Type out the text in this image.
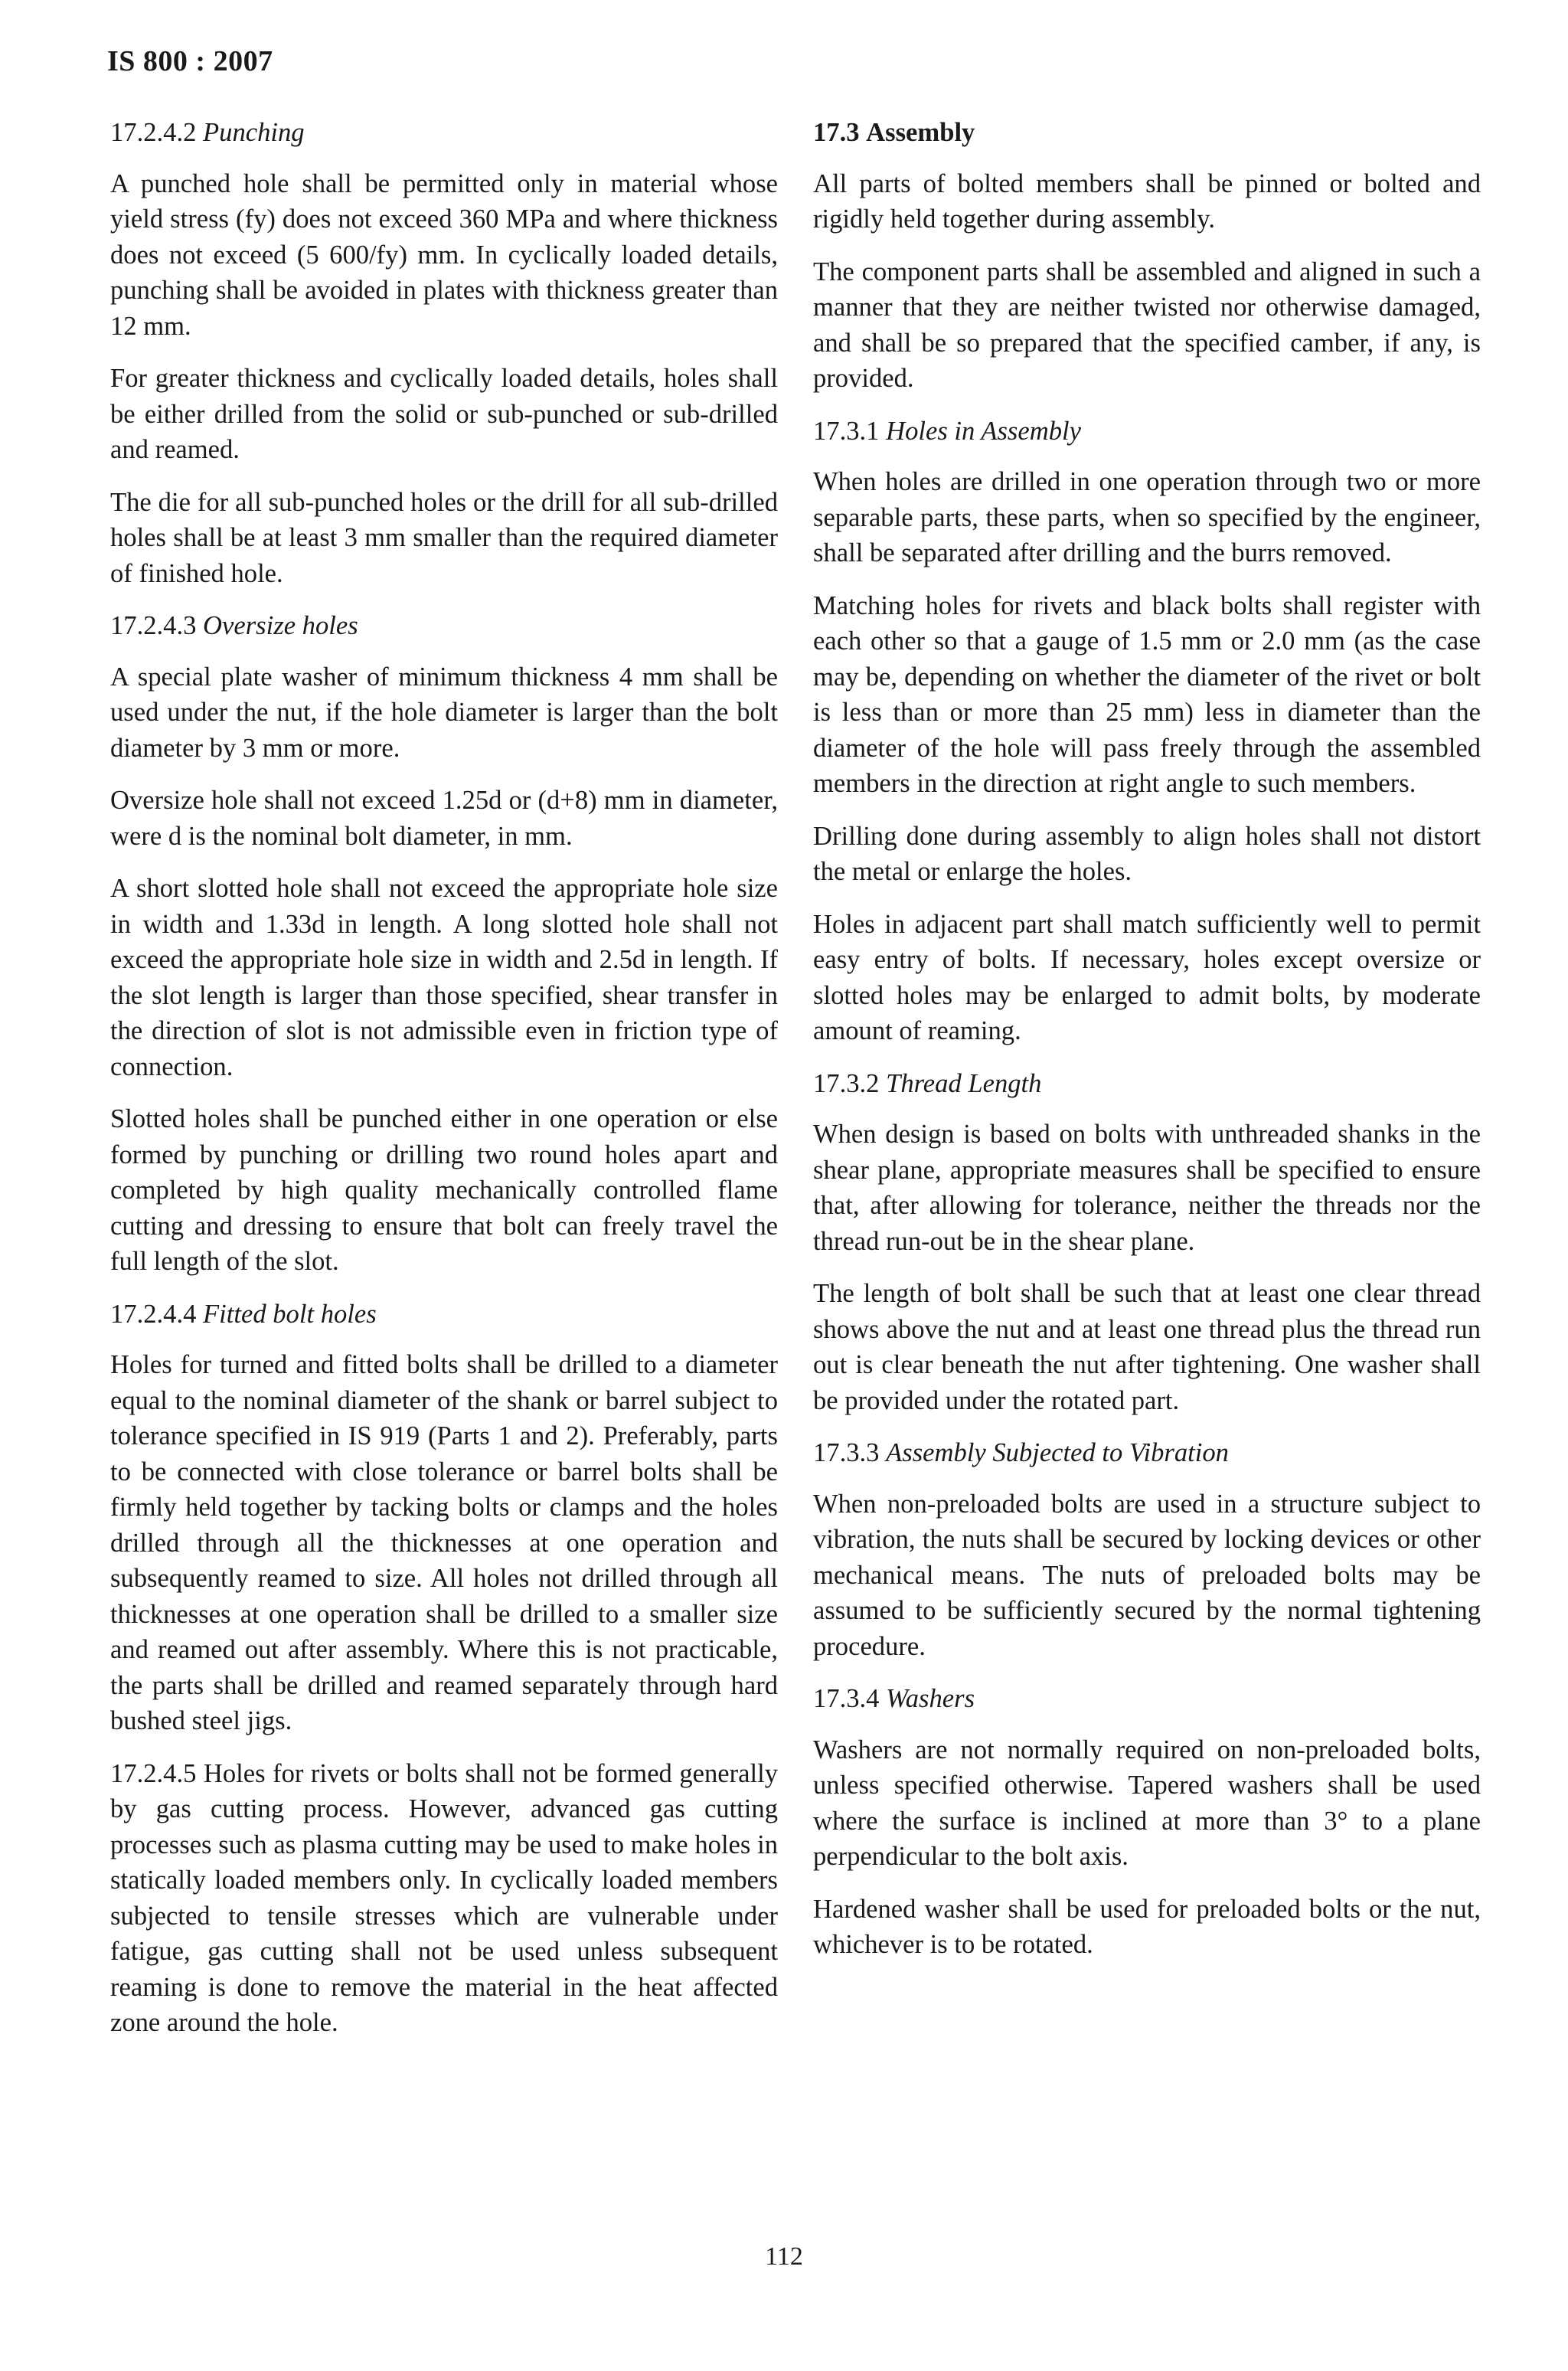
IS 800 : 2007
17.2.4.2 Punching

A punched hole shall be permitted only in material whose yield stress (fy) does not exceed 360 MPa and where thickness does not exceed (5 600/fy) mm. In cyclically loaded details, punching shall be avoided in plates with thickness greater than 12 mm.

For greater thickness and cyclically loaded details, holes shall be either drilled from the solid or sub-punched or sub-drilled and reamed.

The die for all sub-punched holes or the drill for all sub-drilled holes shall be at least 3 mm smaller than the required diameter of finished hole.

17.2.4.3 Oversize holes

A special plate washer of minimum thickness 4 mm shall be used under the nut, if the hole diameter is larger than the bolt diameter by 3 mm or more.

Oversize hole shall not exceed 1.25d or (d+8) mm in diameter, were d is the nominal bolt diameter, in mm.

A short slotted hole shall not exceed the appropriate hole size in width and 1.33d in length. A long slotted hole shall not exceed the appropriate hole size in width and 2.5d in length. If the slot length is larger than those specified, shear transfer in the direction of slot is not admissible even in friction type of connection.

Slotted holes shall be punched either in one operation or else formed by punching or drilling two round holes apart and completed by high quality mechanically controlled flame cutting and dressing to ensure that bolt can freely travel the full length of the slot.

17.2.4.4 Fitted bolt holes

Holes for turned and fitted bolts shall be drilled to a diameter equal to the nominal diameter of the shank or barrel subject to tolerance specified in IS 919 (Parts 1 and 2). Preferably, parts to be connected with close tolerance or barrel bolts shall be firmly held together by tacking bolts or clamps and the holes drilled through all the thicknesses at one operation and subsequently reamed to size. All holes not drilled through all thicknesses at one operation shall be drilled to a smaller size and reamed out after assembly. Where this is not practicable, the parts shall be drilled and reamed separately through hard bushed steel jigs.

17.2.4.5 Holes for rivets or bolts shall not be formed generally by gas cutting process. However, advanced gas cutting processes such as plasma cutting may be used to make holes in statically loaded members only. In cyclically loaded members subjected to tensile stresses which are vulnerable under fatigue, gas cutting shall not be used unless subsequent reaming is done to remove the material in the heat affected zone around the hole.

17.3 Assembly

All parts of bolted members shall be pinned or bolted and rigidly held together during assembly.

The component parts shall be assembled and aligned in such a manner that they are neither twisted nor otherwise damaged, and shall be so prepared that the specified camber, if any, is provided.

17.3.1 Holes in Assembly

When holes are drilled in one operation through two or more separable parts, these parts, when so specified by the engineer, shall be separated after drilling and the burrs removed.

Matching holes for rivets and black bolts shall register with each other so that a gauge of 1.5 mm or 2.0 mm (as the case may be, depending on whether the diameter of the rivet or bolt is less than or more than 25 mm) less in diameter than the diameter of the hole will pass freely through the assembled members in the direction at right angle to such members.

Drilling done during assembly to align holes shall not distort the metal or enlarge the holes.

Holes in adjacent part shall match sufficiently well to permit easy entry of bolts. If necessary, holes except oversize or slotted holes may be enlarged to admit bolts, by moderate amount of reaming.

17.3.2 Thread Length

When design is based on bolts with unthreaded shanks in the shear plane, appropriate measures shall be specified to ensure that, after allowing for tolerance, neither the threads nor the thread run-out be in the shear plane.

The length of bolt shall be such that at least one clear thread shows above the nut and at least one thread plus the thread run out is clear beneath the nut after tightening. One washer shall be provided under the rotated part.

17.3.3 Assembly Subjected to Vibration

When non-preloaded bolts are used in a structure subject to vibration, the nuts shall be secured by locking devices or other mechanical means. The nuts of preloaded bolts may be assumed to be sufficiently secured by the normal tightening procedure.

17.3.4 Washers

Washers are not normally required on non-preloaded bolts, unless specified otherwise. Tapered washers shall be used where the surface is inclined at more than 3° to a plane perpendicular to the bolt axis.

Hardened washer shall be used for preloaded bolts or the nut, whichever is to be rotated.

112
